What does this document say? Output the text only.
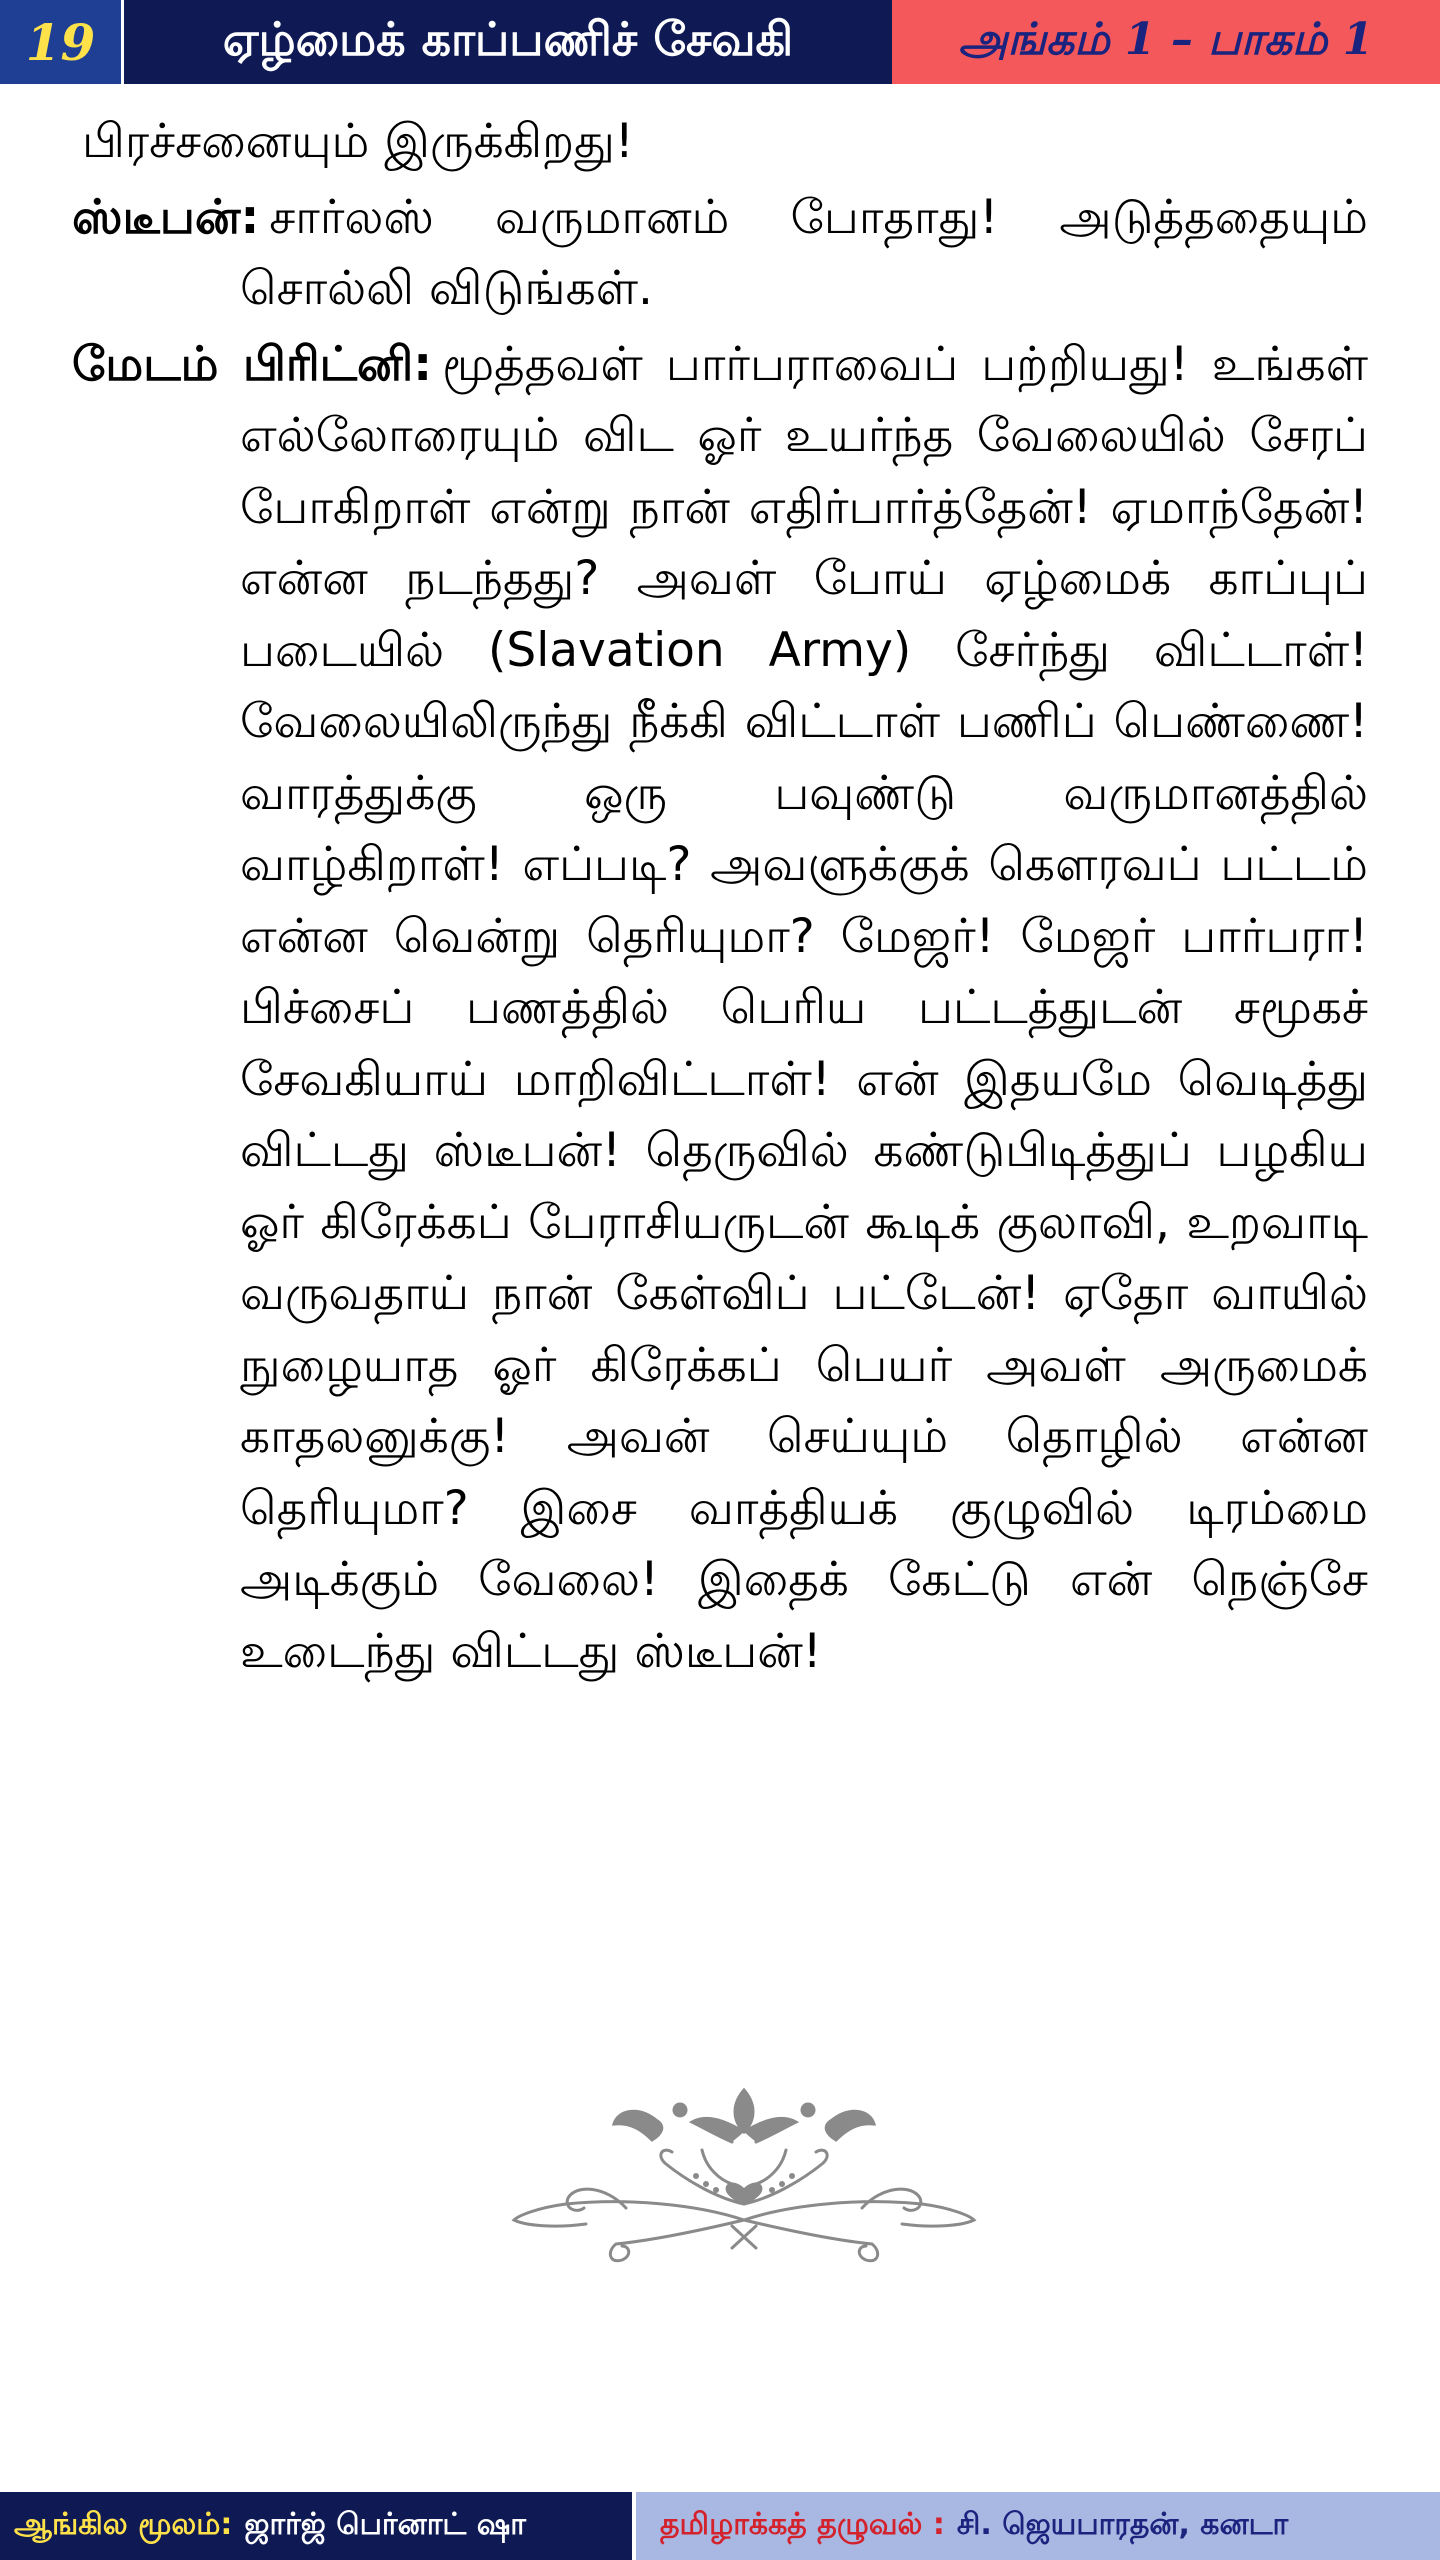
19	ஏழ்மைக் காப்பணிச் சேவகி	அங்கம் 1 – பாகம் 1

பிரச்சனையும் இருக்கிறது!

ஸ்டீபன்: சார்லஸ் வருமானம் போதாது! அடுத்ததையும் சொல்லி விடுங்கள்.

மேடம் பிரிட்னி: மூத்தவள் பார்பராவைப் பற்றியது! உங்கள் எல்லோரையும் விட ஓர் உயர்ந்த வேலையில் சேரப் போகிறாள் என்று நான் எதிர்பார்த்தேன்! ஏமாந்தேன்! என்ன நடந்தது? அவள் போய் ஏழ்மைக் காப்புப் படையில் (Slavation Army) சேர்ந்து விட்டாள்! வேலையிலிருந்து நீக்கி விட்டாள் பணிப் பெண்ணை! வாரத்துக்கு ஒரு பவுண்டு வருமானத்தில் வாழ்கிறாள்! எப்படி? அவளுக்குக் கௌரவப் பட்டம் என்ன வென்று தெரியுமா? மேஜர்! மேஜர் பார்பரா! பிச்சைப் பணத்தில் பெரிய பட்டத்துடன் சமூகச் சேவகியாய் மாறிவிட்டாள்! என் இதயமே வெடித்து விட்டது ஸ்டீபன்! தெருவில் கண்டுபிடித்துப் பழகிய ஓர் கிரேக்கப் பேராசியருடன் கூடிக் குலாவி, உறவாடி வருவதாய் நான் கேள்விப் பட்டேன்! ஏதோ வாயில் நுழையாத ஓர் கிரேக்கப் பெயர் அவள் அருமைக் காதலனுக்கு! அவன் செய்யும் தொழில் என்ன தெரியுமா? இசை வாத்தியக் குழுவில் டிரம்மை அடிக்கும் வேலை! இதைக் கேட்டு என் நெஞ்சே உடைந்து விட்டது ஸ்டீபன்!

ஆங்கில மூலம்: ஜார்ஜ் பெர்னாட் ஷா	தமிழாக்கத் தழுவல் : சி. ஜெயபாரதன், கனடா
